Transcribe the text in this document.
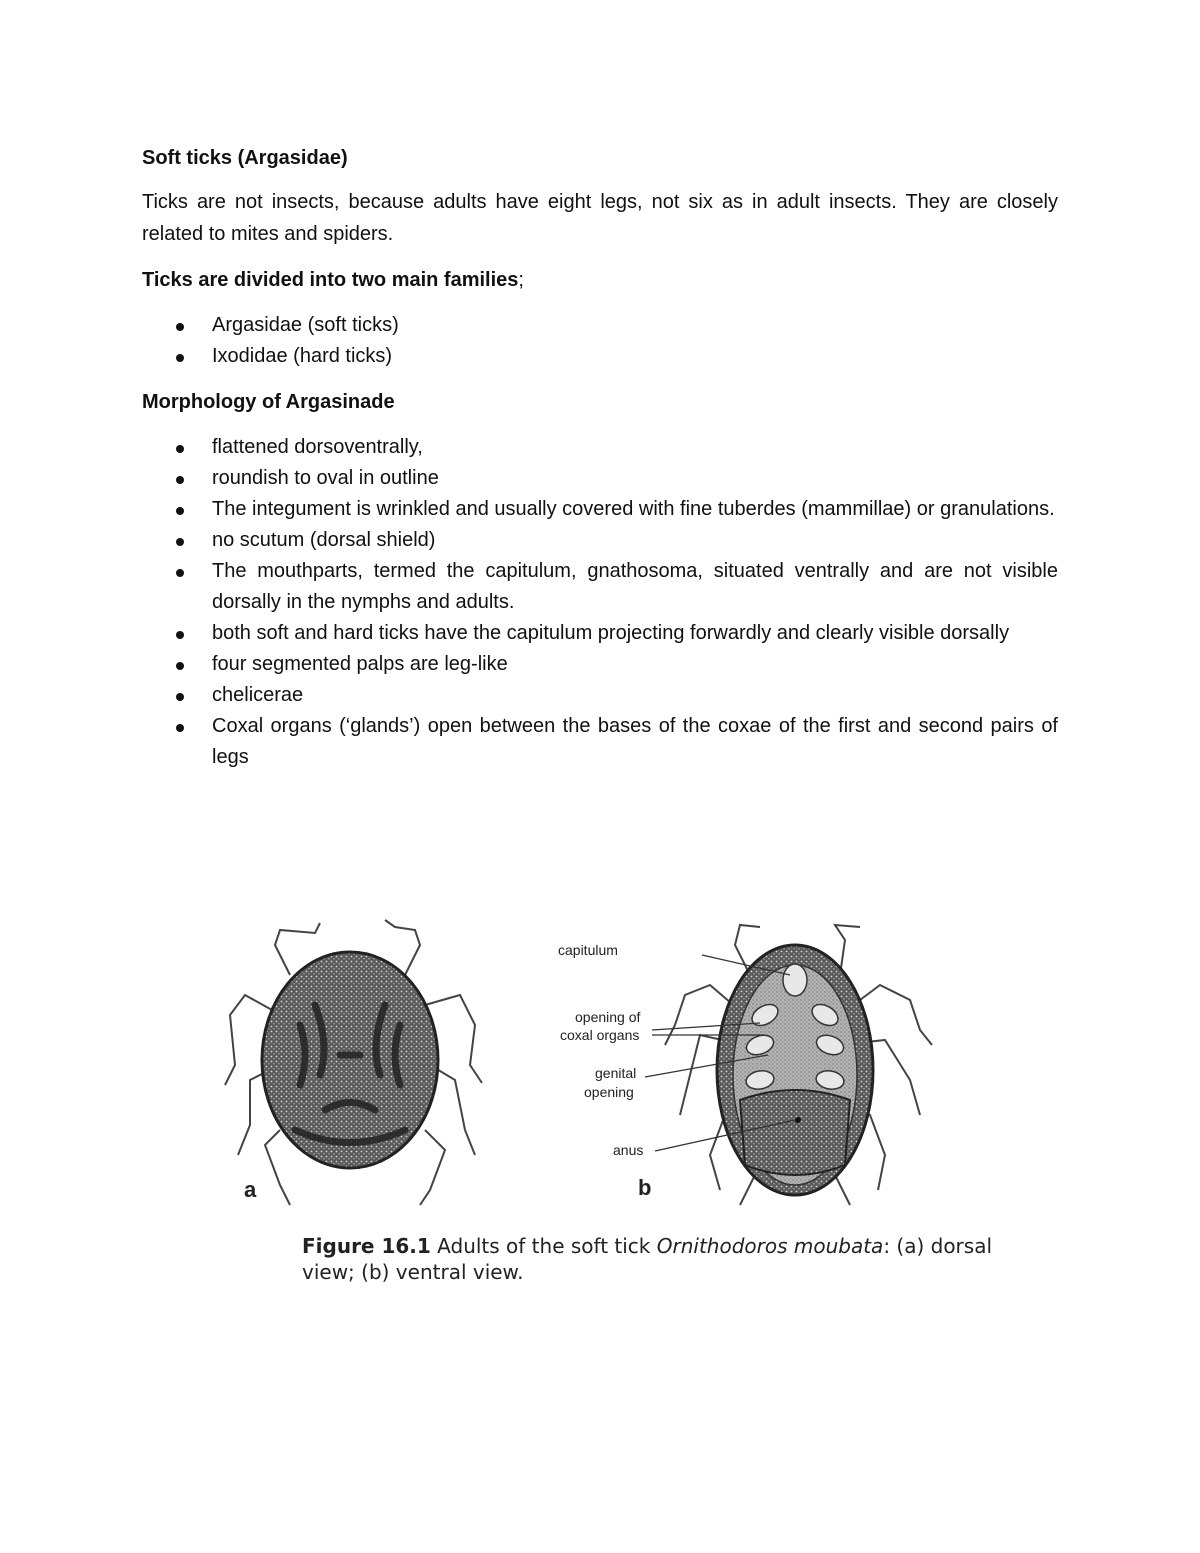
Soft ticks (Argasidae)

Ticks are not insects, because adults have eight legs, not six as in adult insects. They are closely related to mites and spiders.

Ticks are divided into two main families;
Argasidae (soft ticks)
Ixodidae (hard ticks)
Morphology of Argasinade
flattened dorsoventrally,
roundish to oval in outline
The integument is wrinkled and usually covered with fine tuberdes (mammillae) or granulations.
no scutum (dorsal shield)
The mouthparts, termed the capitulum, gnathosoma, situated ventrally and are not visible dorsally in the nymphs and adults.
both soft and hard ticks have the capitulum projecting forwardly and clearly visible dorsally
four segmented palps are leg-like
chelicerae
Coxal organs (‘glands’) open between the bases of the coxae of the first and second pairs of legs
capitulum
opening of
coxal organs
genital
opening
anus
a	b
Figure 16.1 Adults of the soft tick Ornithodoros moubata: (a) dorsal view; (b) ventral view.
